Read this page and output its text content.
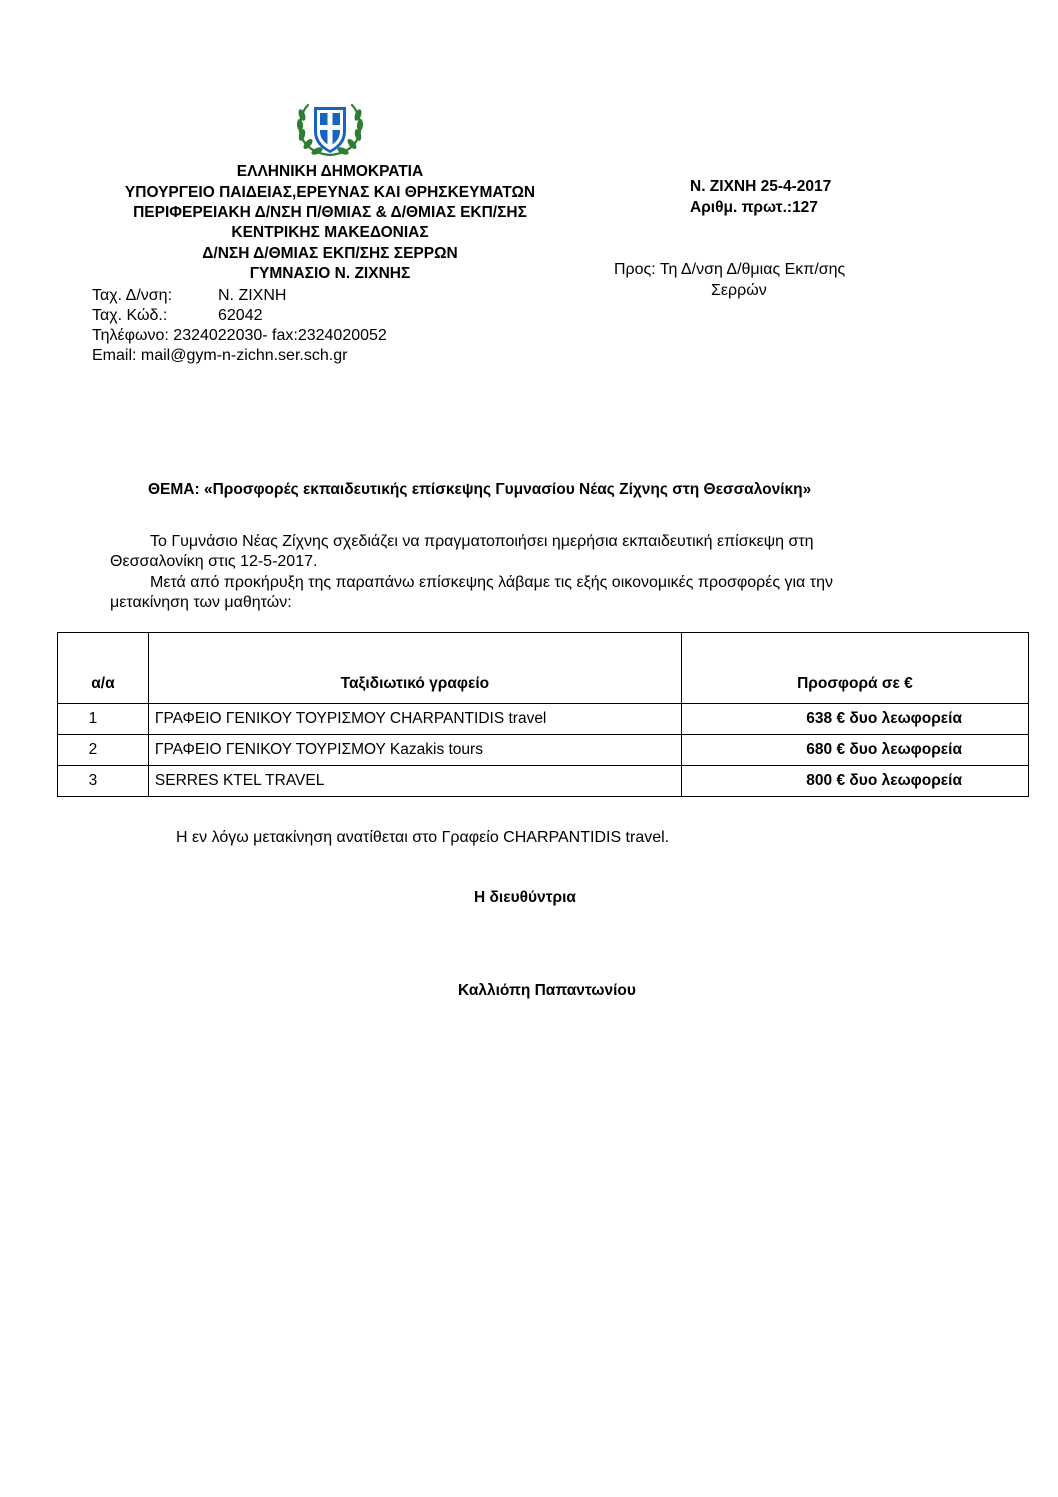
ΕΛΛΗΝΙΚΗ ΔΗΜΟΚΡΑΤΙΑ
ΥΠΟΥΡΓΕΙΟ ΠΑΙΔΕΙΑΣ,ΕΡΕΥΝΑΣ ΚΑΙ ΘΡΗΣΚΕΥΜΑΤΩΝ
ΠΕΡΙΦΕΡΕΙΑΚΗ Δ/ΝΣΗ Π/ΘΜΙΑΣ & Δ/ΘΜΙΑΣ ΕΚΠ/ΣΗΣ
ΚΕΝΤΡΙΚΗΣ ΜΑΚΕΔΟΝΙΑΣ
Δ/ΝΣΗ Δ/ΘΜΙΑΣ ΕΚΠ/ΣΗΣ ΣΕΡΡΩΝ
ΓΥΜΝΑΣΙΟ Ν. ΖΙΧΝΗΣ
Ταχ. Δ/νση:	Ν. ΖΙΧΝΗ
Ταχ. Κώδ.:	62042
Τηλέφωνο: 2324022030- fax:2324020052
Email: mail@gym-n-zichn.ser.sch.gr
Ν. ΖΙΧΝΗ 25-4-2017
Αριθμ. πρωτ.:127
Προς: Τη Δ/νση Δ/θμιας Εκπ/σης
Σερρών
ΘΕΜΑ: «Προσφορές εκπαιδευτικής επίσκεψης Γυμνασίου Νέας Ζίχνης στη Θεσσαλονίκη»
Το Γυμνάσιο Νέας Ζίχνης σχεδιάζει να πραγματοποιήσει ημερήσια εκπαιδευτική επίσκεψη στη
Θεσσαλονίκη στις 12-5-2017.
Μετά από προκήρυξη της παραπάνω επίσκεψης λάβαμε τις εξής οικονομικές προσφορές για την
μετακίνηση των μαθητών:
α/α	Ταξιδιωτικό γραφείο	Προσφορά σε €
1	ΓΡΑΦΕΙΟ ΓΕΝΙΚΟΥ ΤΟΥΡΙΣΜΟΥ CHARPANTIDIS travel	638 € δυο λεωφορεία
2	ΓΡΑΦΕΙΟ ΓΕΝΙΚΟΥ ΤΟΥΡΙΣΜΟΥ Kazakis tours	680 € δυο λεωφορεία
3	SERRES KTEL TRAVEL	800 € δυο λεωφορεία
Η εν λόγω μετακίνηση ανατίθεται στο Γραφείο CHARPANTIDIS travel.
Η διευθύντρια
Καλλιόπη Παπαντωνίου
